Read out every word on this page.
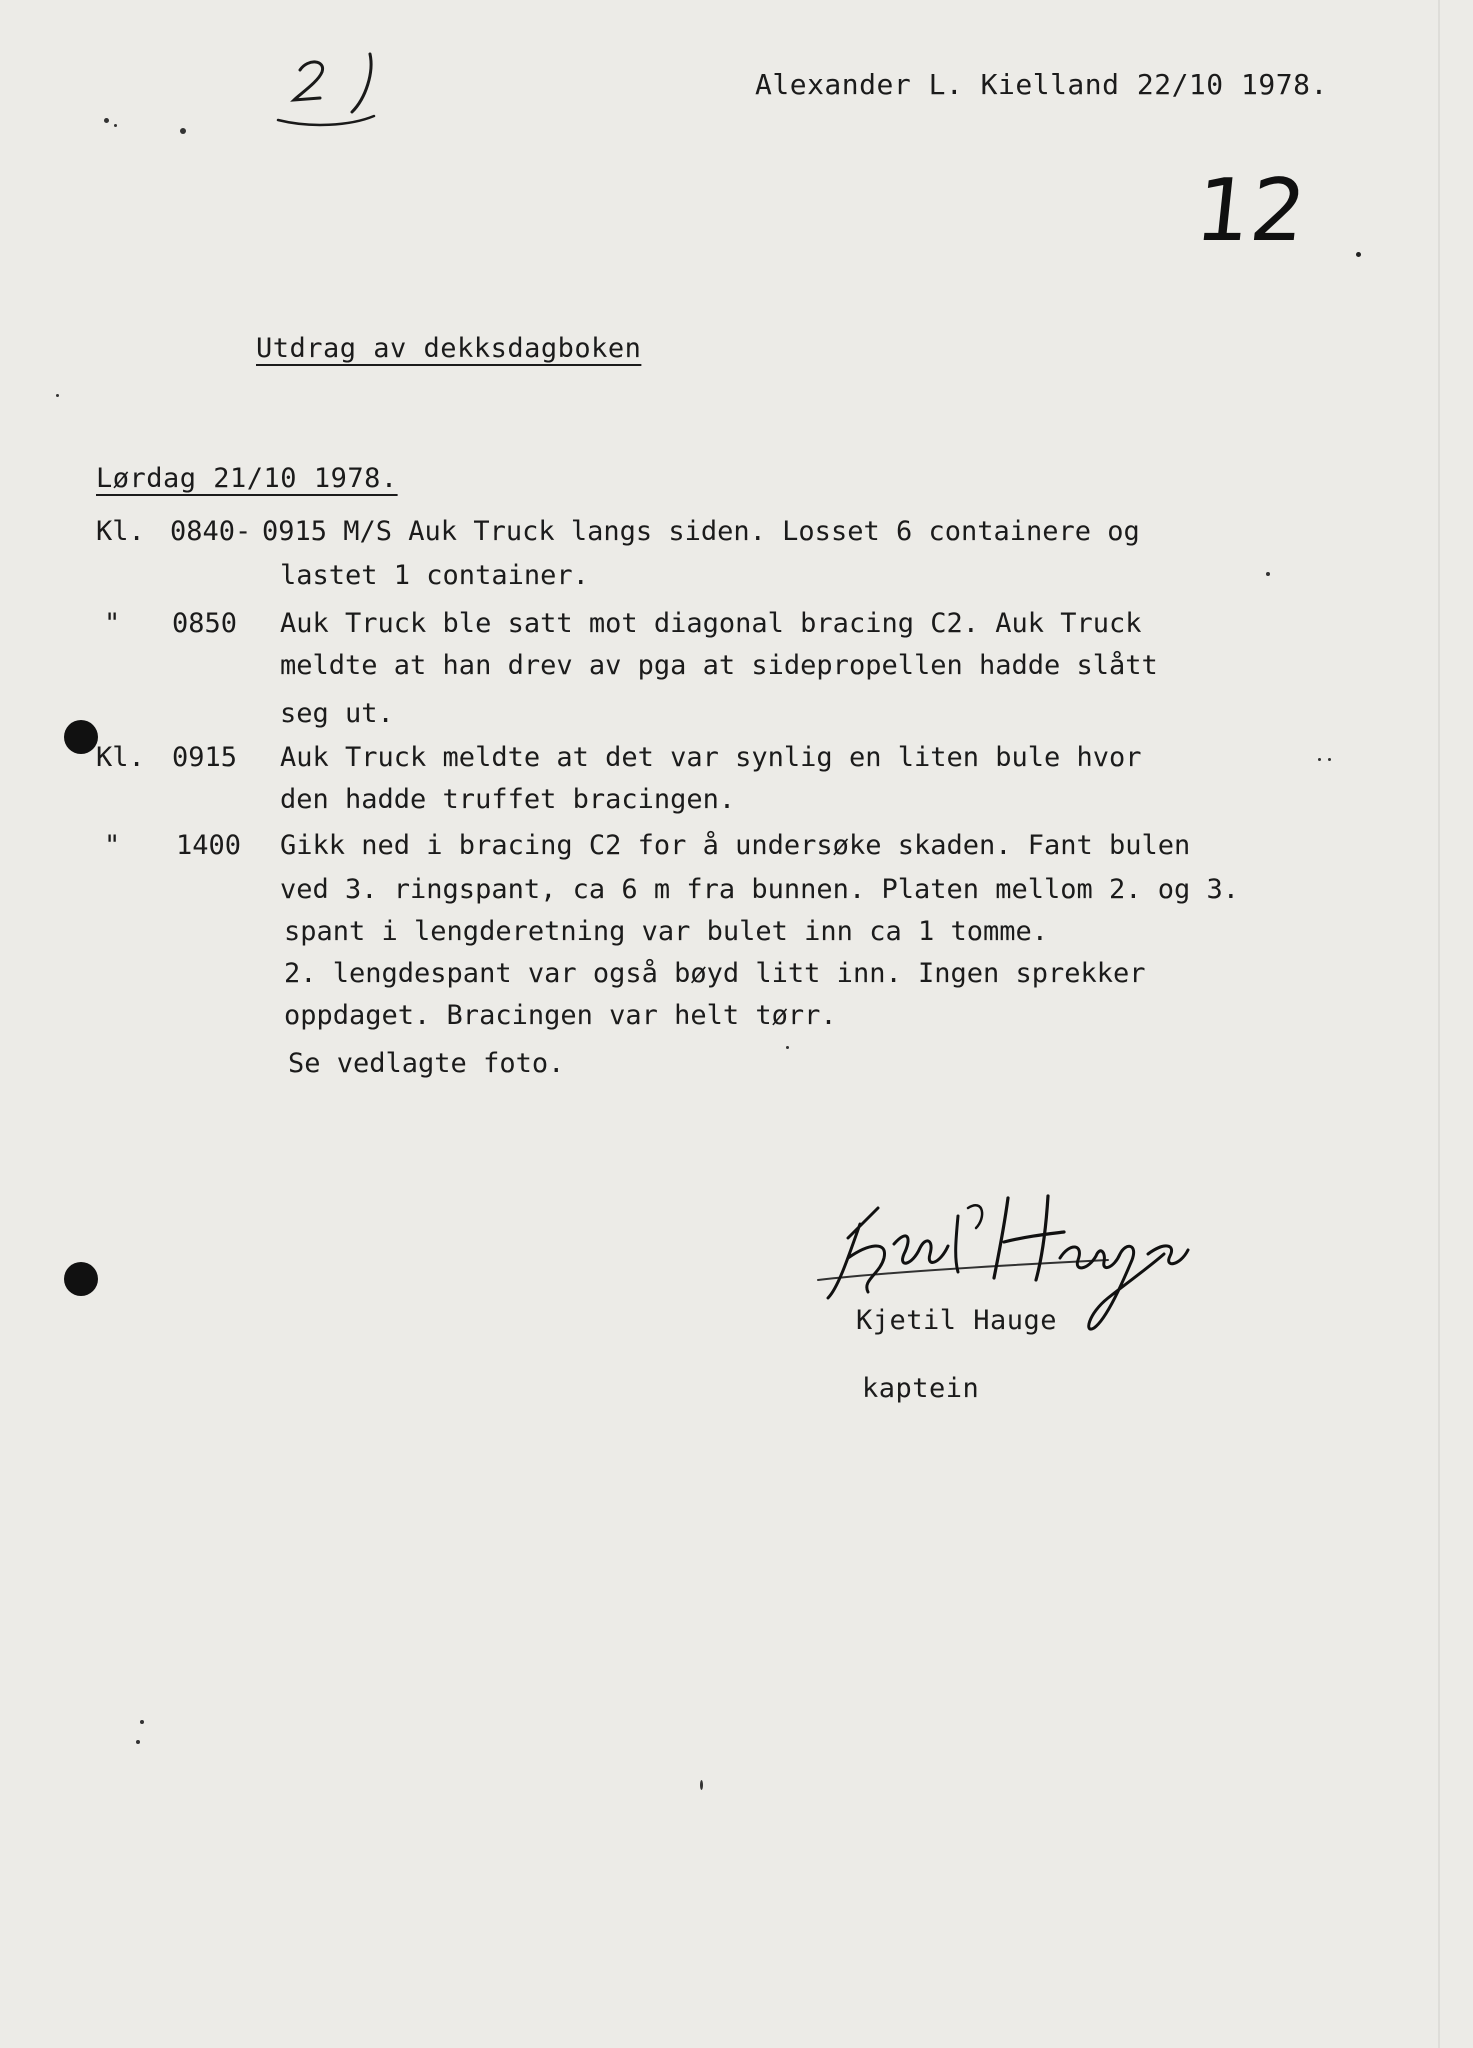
Alexander L. Kielland 22/10 1978.
12
Utdrag av dekksdagboken
Lørdag 21/10 1978.
Kl. 0840- 0915 M/S Auk Truck langs siden. Losset 6 containere og
lastet 1 container.
" 0850 Auk Truck ble satt mot diagonal bracing C2. Auk Truck
meldte at han drev av pga at sidepropellen hadde slått
seg ut.
Kl. 0915 Auk Truck meldte at det var synlig en liten bule hvor
den hadde truffet bracingen.
" 1400 Gikk ned i bracing C2 for å undersøke skaden. Fant bulen
ved 3. ringspant, ca 6 m fra bunnen. Platen mellom 2. og 3.
spant i lengderetning var bulet inn ca 1 tomme.
2. lengdespant var også bøyd litt inn. Ingen sprekker
oppdaget. Bracingen var helt tørr.
Se vedlagte foto.
Kjetil Hauge
kaptein
